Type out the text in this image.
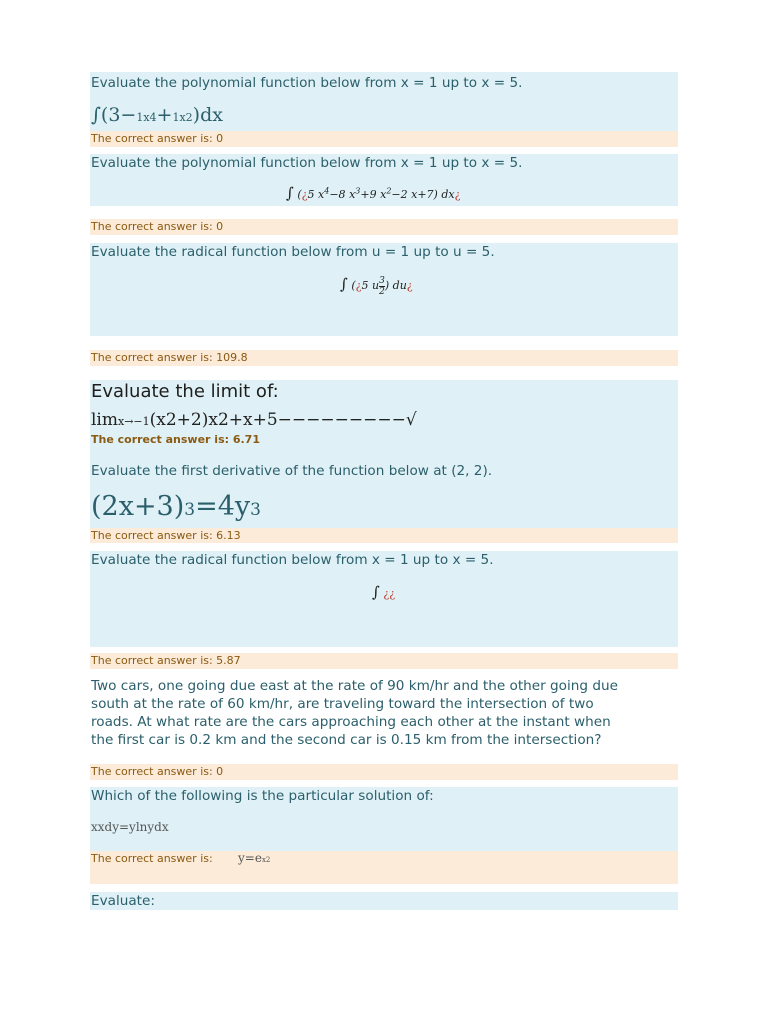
Evaluate the polynomial function below from x = 1 up to x = 5.
∫(3−1x4+1x2)dx
The correct answer is: 0
Evaluate the polynomial function below from x = 1 up to x = 5.
∫ (¿5 $x^4-8$ $x^3+9$ $x^2-2$ x+7) dx¿
The correct answer is: 0
Evaluate the radical function below from u = 1 up to u = 5.
∫ (¿5 u $\frac{3}{2}$ ) du¿
The correct answer is: 109.8
Evaluate the limit of:
limx→−1(x2+2)x2+x+5−−−−−−−−−√
The correct answer is: 6.71
Evaluate the first derivative of the function below at (2, 2).
(2x+3)3=4y3
The correct answer is: 6.13
Evaluate the radical function below from x = 1 up to x = 5.
∫ ¿¿
The correct answer is: 5.87
Two cars, one going due east at the rate of 90 km/hr and the other going due
south at the rate of 60 km/hr, are traveling toward the intersection of two
roads. At what rate are the cars approaching each other at the instant when
the first car is 0.2 km and the second car is 0.15 km from the intersection?
The correct answer is: 0
Which of the following is the particular solution of:
xxdy=ylnydx
The correct answer is: y=ex2
Evaluate:
